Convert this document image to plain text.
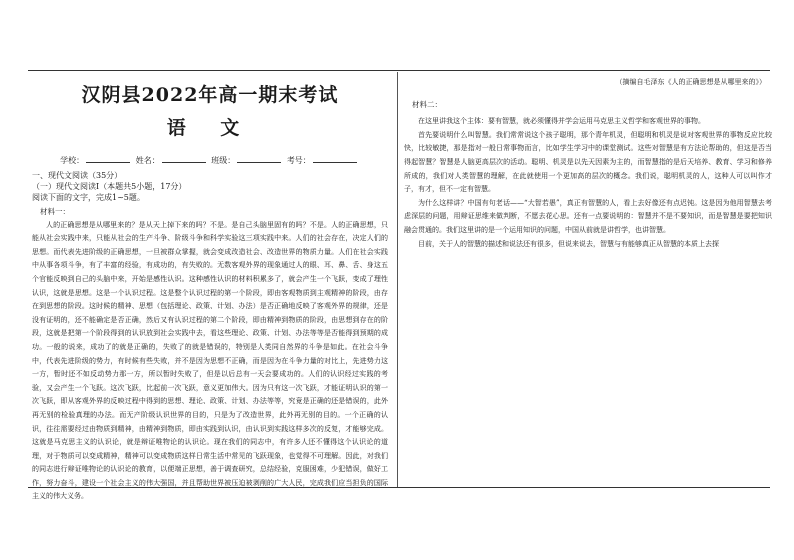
汉阴县2022年高一期末考试
语 文
学校：	姓名：	班级：	考号：
一、现代文阅读（35分）
（一）现代文阅读Ⅰ（本题共5小题，17分）
阅读下面的文字，完成1~5题。
材料一：

人的正确思想是从哪里来的？是从天上掉下来的吗？不是。是自己头脑里固有的吗？不是。人的正确思想，只能从社会实践中来，只能从社会的生产斗争、阶级斗争和科学实验这三项实践中来。人们的社会存在，决定人们的思想。而代表先进阶级的正确思想，一旦被群众掌握，就会变成改造社会、改造世界的物质力量。人们在社会实践中从事各项斗争，有了丰富的经验，有成功的，有失败的。无数客观外界的现象通过人的眼、耳、鼻、舌、身这五个官能反映到自己的头脑中来，开始是感性认识。这种感性认识的材料积累多了，就会产生一个飞跃，变成了理性认识，这就是思想。这是一个认识过程。这是整个认识过程的第一个阶段，即由客观物质到主观精神的阶段，由存在到思想的阶段。这时候的精神、思想（包括理论、政策、计划、办法）是否正确地反映了客观外界的规律，还是没有证明的，还不能确定是否正确，然后又有认识过程的第二个阶段，即由精神到物质的阶段，由思想到存在的阶段，这就是把第一个阶段得到的认识放到社会实践中去，看这些理论、政策、计划、办法等等是否能得到预期的成功。一般的说来，成功了的就是正确的，失败了的就是错误的，特别是人类同自然界的斗争是如此。在社会斗争中，代表先进阶级的势力，有时候有些失败，并不是因为思想不正确，而是因为在斗争力量的对比上，先进势力这一方，暂时还不如反动势力那一方，所以暂时失败了，但是以后总有一天会要成功的。人们的认识经过实践的考验，又会产生一个飞跃。这次飞跃，比起前一次飞跃，意义更加伟大。因为只有这一次飞跃，才能证明认识的第一次飞跃，即从客观外界的反映过程中得到的思想、理论、政策、计划、办法等等，究竟是正确的还是错误的，此外再无别的检验真理的办法。而无产阶级认识世界的目的，只是为了改造世界，此外再无别的目的。一个正确的认识，往往需要经过由物质到精神，由精神到物质，即由实践到认识，由认识到实践这样多次的反复，才能够完成。这就是马克思主义的认识论，就是辩证唯物论的认识论。现在我们的同志中，有许多人还不懂得这个认识论的道理，对于物质可以变成精神，精神可以变成物质这样日常生活中常见的飞跃现象，也觉得不可理解。因此，对我们的同志进行辩证唯物论的认识论的教育，以便端正思想，善于调查研究，总结经验，克服困难，少犯错误，做好工作，努力奋斗，建设一个社会主义的伟大强国，并且帮助世界被压迫被剥削的广大人民，完成我们应当担负的国际主义的伟大义务。

（摘编自毛泽东《人的正确思想是从哪里来的》）
材料二：

在这里讲我这个主体：要有智慧，就必须懂得并学会运用马克思主义哲学和客观世界的事物。

首先要说明什么叫智慧。我们常常说这个孩子聪明，那个青年机灵，但聪明和机灵是说对客观世界的事物反应比较快，比较敏捷，那是指对一般日常事物而言，比如学生学习中的课堂测试。这些对智慧是有方法论帮助的，但这是否当得起智慧？智慧是人脑更高层次的活动。聪明、机灵是以先天因素为主的，而智慧指的是后天培养、教育、学习和修养所成的，我们对人类智慧的理解，在此就使用一个更加高的层次的概念。我们说，聪明机灵的人，这种人可以叫作才子，有才，但不一定有智慧。

为什么这样讲？中国有句老话——“大智若愚”，真正有智慧的人，看上去好像还有点迟钝。这是因为他用智慧去考虑深层的问题，用辩证思维来做判断，不愿去花心思。还有一点要说明的：智慧并不是不要知识，而是智慧是要把知识融会贯通的。我们这里讲的是一个运用知识的问题，中国从前就是讲哲学，也讲智慧。

目前，关于人的智慧的描述和说法还有很多，但说来说去，智慧与有能够真正从智慧的本质上去探
